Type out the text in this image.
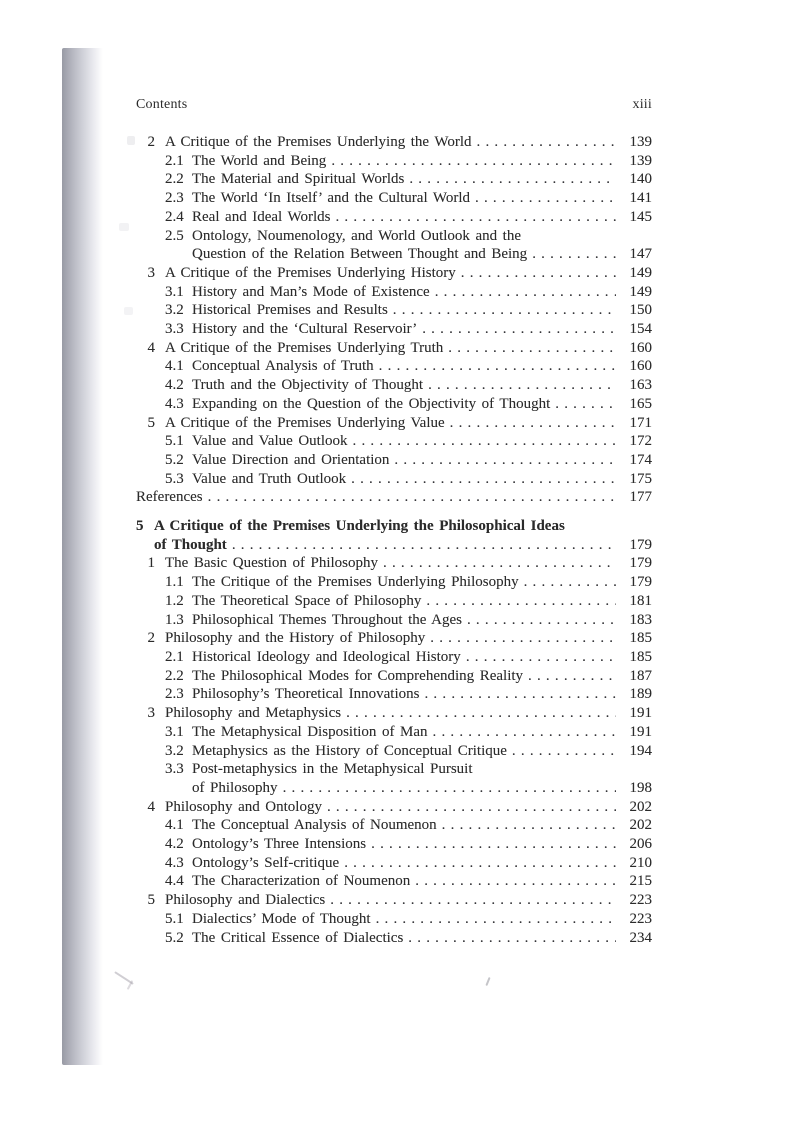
Contents	xiii
2 A Critique of the Premises Underlying the World .....	139
2.1 The World and Being .....	139
2.2 The Material and Spiritual Worlds .....	140
2.3 The World ‘In Itself’ and the Cultural World .....	141
2.4 Real and Ideal Worlds .....	145
2.5 Ontology, Noumenology, and World Outlook and the
Question of the Relation Between Thought and Being .....	147
3 A Critique of the Premises Underlying History .....	149
3.1 History and Man’s Mode of Existence .....	149
3.2 Historical Premises and Results .....	150
3.3 History and the ‘Cultural Reservoir’ .....	154
4 A Critique of the Premises Underlying Truth .....	160
4.1 Conceptual Analysis of Truth .....	160
4.2 Truth and the Objectivity of Thought .....	163
4.3 Expanding on the Question of the Objectivity of Thought .....	165
5 A Critique of the Premises Underlying Value .....	171
5.1 Value and Value Outlook .....	172
5.2 Value Direction and Orientation .....	174
5.3 Value and Truth Outlook .....	175
References .....	177
5 A Critique of the Premises Underlying the Philosophical Ideas
of Thought .....	179
1 The Basic Question of Philosophy .....	179
1.1 The Critique of the Premises Underlying Philosophy .....	179
1.2 The Theoretical Space of Philosophy .....	181
1.3 Philosophical Themes Throughout the Ages .....	183
2 Philosophy and the History of Philosophy .....	185
2.1 Historical Ideology and Ideological History .....	185
2.2 The Philosophical Modes for Comprehending Reality .....	187
2.3 Philosophy’s Theoretical Innovations .....	189
3 Philosophy and Metaphysics .....	191
3.1 The Metaphysical Disposition of Man .....	191
3.2 Metaphysics as the History of Conceptual Critique .....	194
3.3 Post-metaphysics in the Metaphysical Pursuit
of Philosophy .....	198
4 Philosophy and Ontology .....	202
4.1 The Conceptual Analysis of Noumenon .....	202
4.2 Ontology’s Three Intensions .....	206
4.3 Ontology’s Self-critique .....	210
4.4 The Characterization of Noumenon .....	215
5 Philosophy and Dialectics .....	223
5.1 Dialectics’ Mode of Thought .....	223
5.2 The Critical Essence of Dialectics .....	234
